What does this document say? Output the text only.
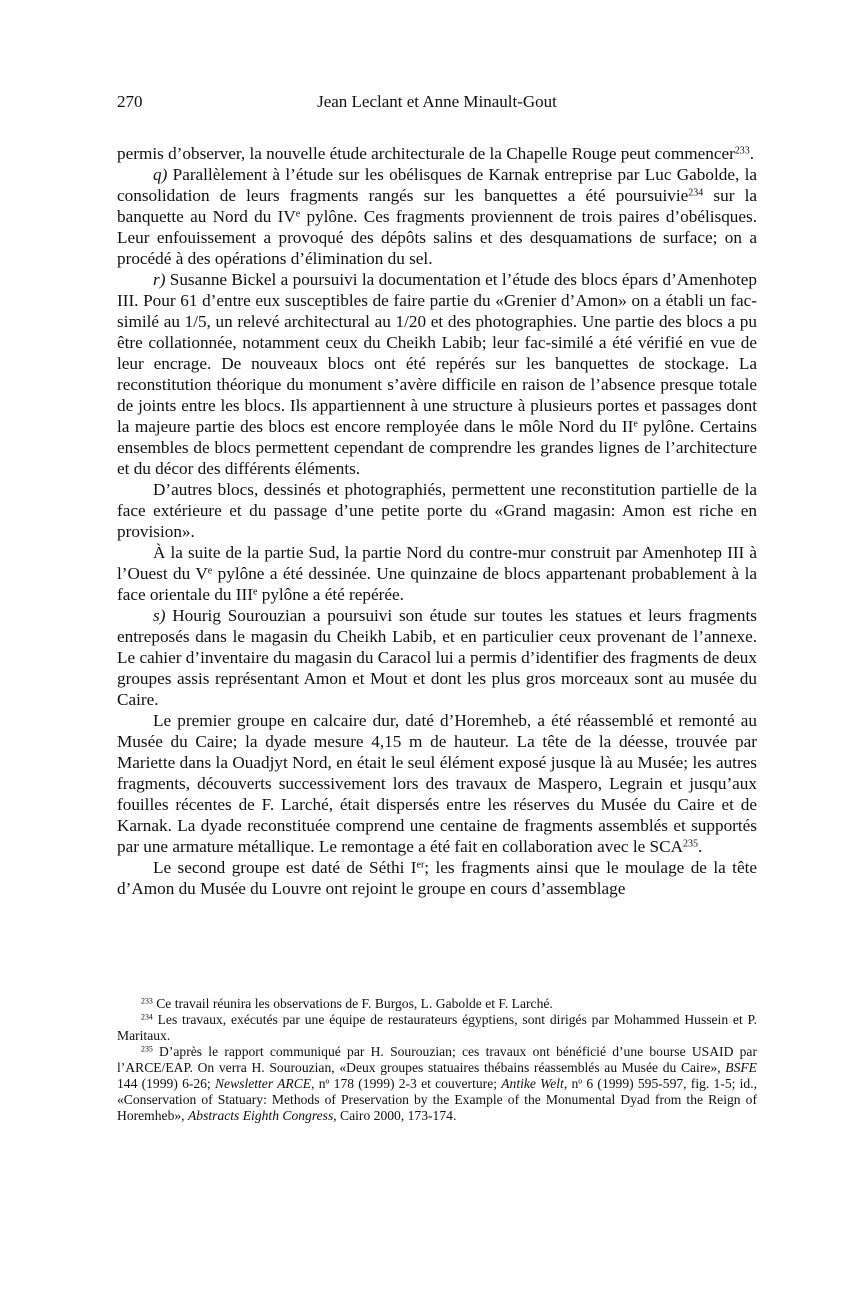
270	Jean Leclant et Anne Minault-Gout

permis d’observer, la nouvelle étude architecturale de la Chapelle Rouge peut commencer$^{233}$.

q) Parallèlement à l’étude sur les obélisques de Karnak entreprise par Luc Gabolde, la consolidation de leurs fragments rangés sur les banquettes a été poursuivie$^{234}$ sur la banquette au Nord du IVe pylône. Ces fragments proviennent de trois paires d’obélisques. Leur enfouissement a provoqué des dépôts salins et des desquamations de surface; on a procédé à des opérations d’élimination du sel.

r) Susanne Bickel a poursuivi la documentation et l’étude des blocs épars d’Amenhotep III. Pour 61 d’entre eux susceptibles de faire partie du «Grenier d’Amon» on a établi un fac-similé au 1/5, un relevé architectural au 1/20 et des photographies. Une partie des blocs a pu être collationnée, notamment ceux du Cheikh Labib; leur fac-similé a été vérifié en vue de leur encrage. De nouveaux blocs ont été repérés sur les banquettes de stockage. La reconstitution théorique du monument s’avère difficile en raison de l’absence presque totale de joints entre les blocs. Ils appartiennent à une structure à plusieurs portes et passages dont la majeure partie des blocs est encore remployée dans le môle Nord du IIe pylône. Certains ensembles de blocs permettent cependant de comprendre les grandes lignes de l’architecture et du décor des différents éléments.

D’autres blocs, dessinés et photographiés, permettent une reconstitution partielle de la face extérieure et du passage d’une petite porte du «Grand magasin: Amon est riche en provision».

À la suite de la partie Sud, la partie Nord du contre-mur construit par Amenhotep III à l’Ouest du Ve pylône a été dessinée. Une quinzaine de blocs appartenant probablement à la face orientale du IIIe pylône a été repérée.

s) Hourig Sourouzian a poursuivi son étude sur toutes les statues et leurs fragments entreposés dans le magasin du Cheikh Labib, et en particulier ceux provenant de l’annexe. Le cahier d’inventaire du magasin du Caracol lui a permis d’identifier des fragments de deux groupes assis représentant Amon et Mout et dont les plus gros morceaux sont au musée du Caire.

Le premier groupe en calcaire dur, daté d’Horemheb, a été réassemblé et remonté au Musée du Caire; la dyade mesure 4,15 m de hauteur. La tête de la déesse, trouvée par Mariette dans la Ouadjyt Nord, en était le seul élément exposé jusque là au Musée; les autres fragments, découverts successivement lors des travaux de Maspero, Legrain et jusqu’aux fouilles récentes de F. Larché, était dispersés entre les réserves du Musée du Caire et de Karnak. La dyade reconstituée comprend une centaine de fragments assemblés et supportés par une armature métallique. Le remontage a été fait en collaboration avec le SCA$^{235}$.

Le second groupe est daté de Séthi Ier; les fragments ainsi que le moulage de la tête d’Amon du Musée du Louvre ont rejoint le groupe en cours d’assemblage

$^{233}$ Ce travail réunira les observations de F. Burgos, L. Gabolde et F. Larché.

$^{234}$ Les travaux, exécutés par une équipe de restaurateurs égyptiens, sont dirigés par Mohammed Hussein et P. Maritaux.

$^{235}$ D’après le rapport communiqué par H. Sourouzian; ces travaux ont bénéficié d’une bourse USAID par l’ARCE/EAP. On verra H. Sourouzian, «Deux groupes statuaires thébains réassemblés au Musée du Caire», BSFE 144 (1999) 6-26; Newsletter ARCE, $n^o$ 178 (1999) 2-3 et couverture; Antike Welt, $n^o$ 6 (1999) 595-597, fig. 1-5; id., «Conservation of Statuary: Methods of Preservation by the Example of the Monumental Dyad from the Reign of Horemheb», Abstracts Eighth Congress, Cairo 2000, 173-174.
